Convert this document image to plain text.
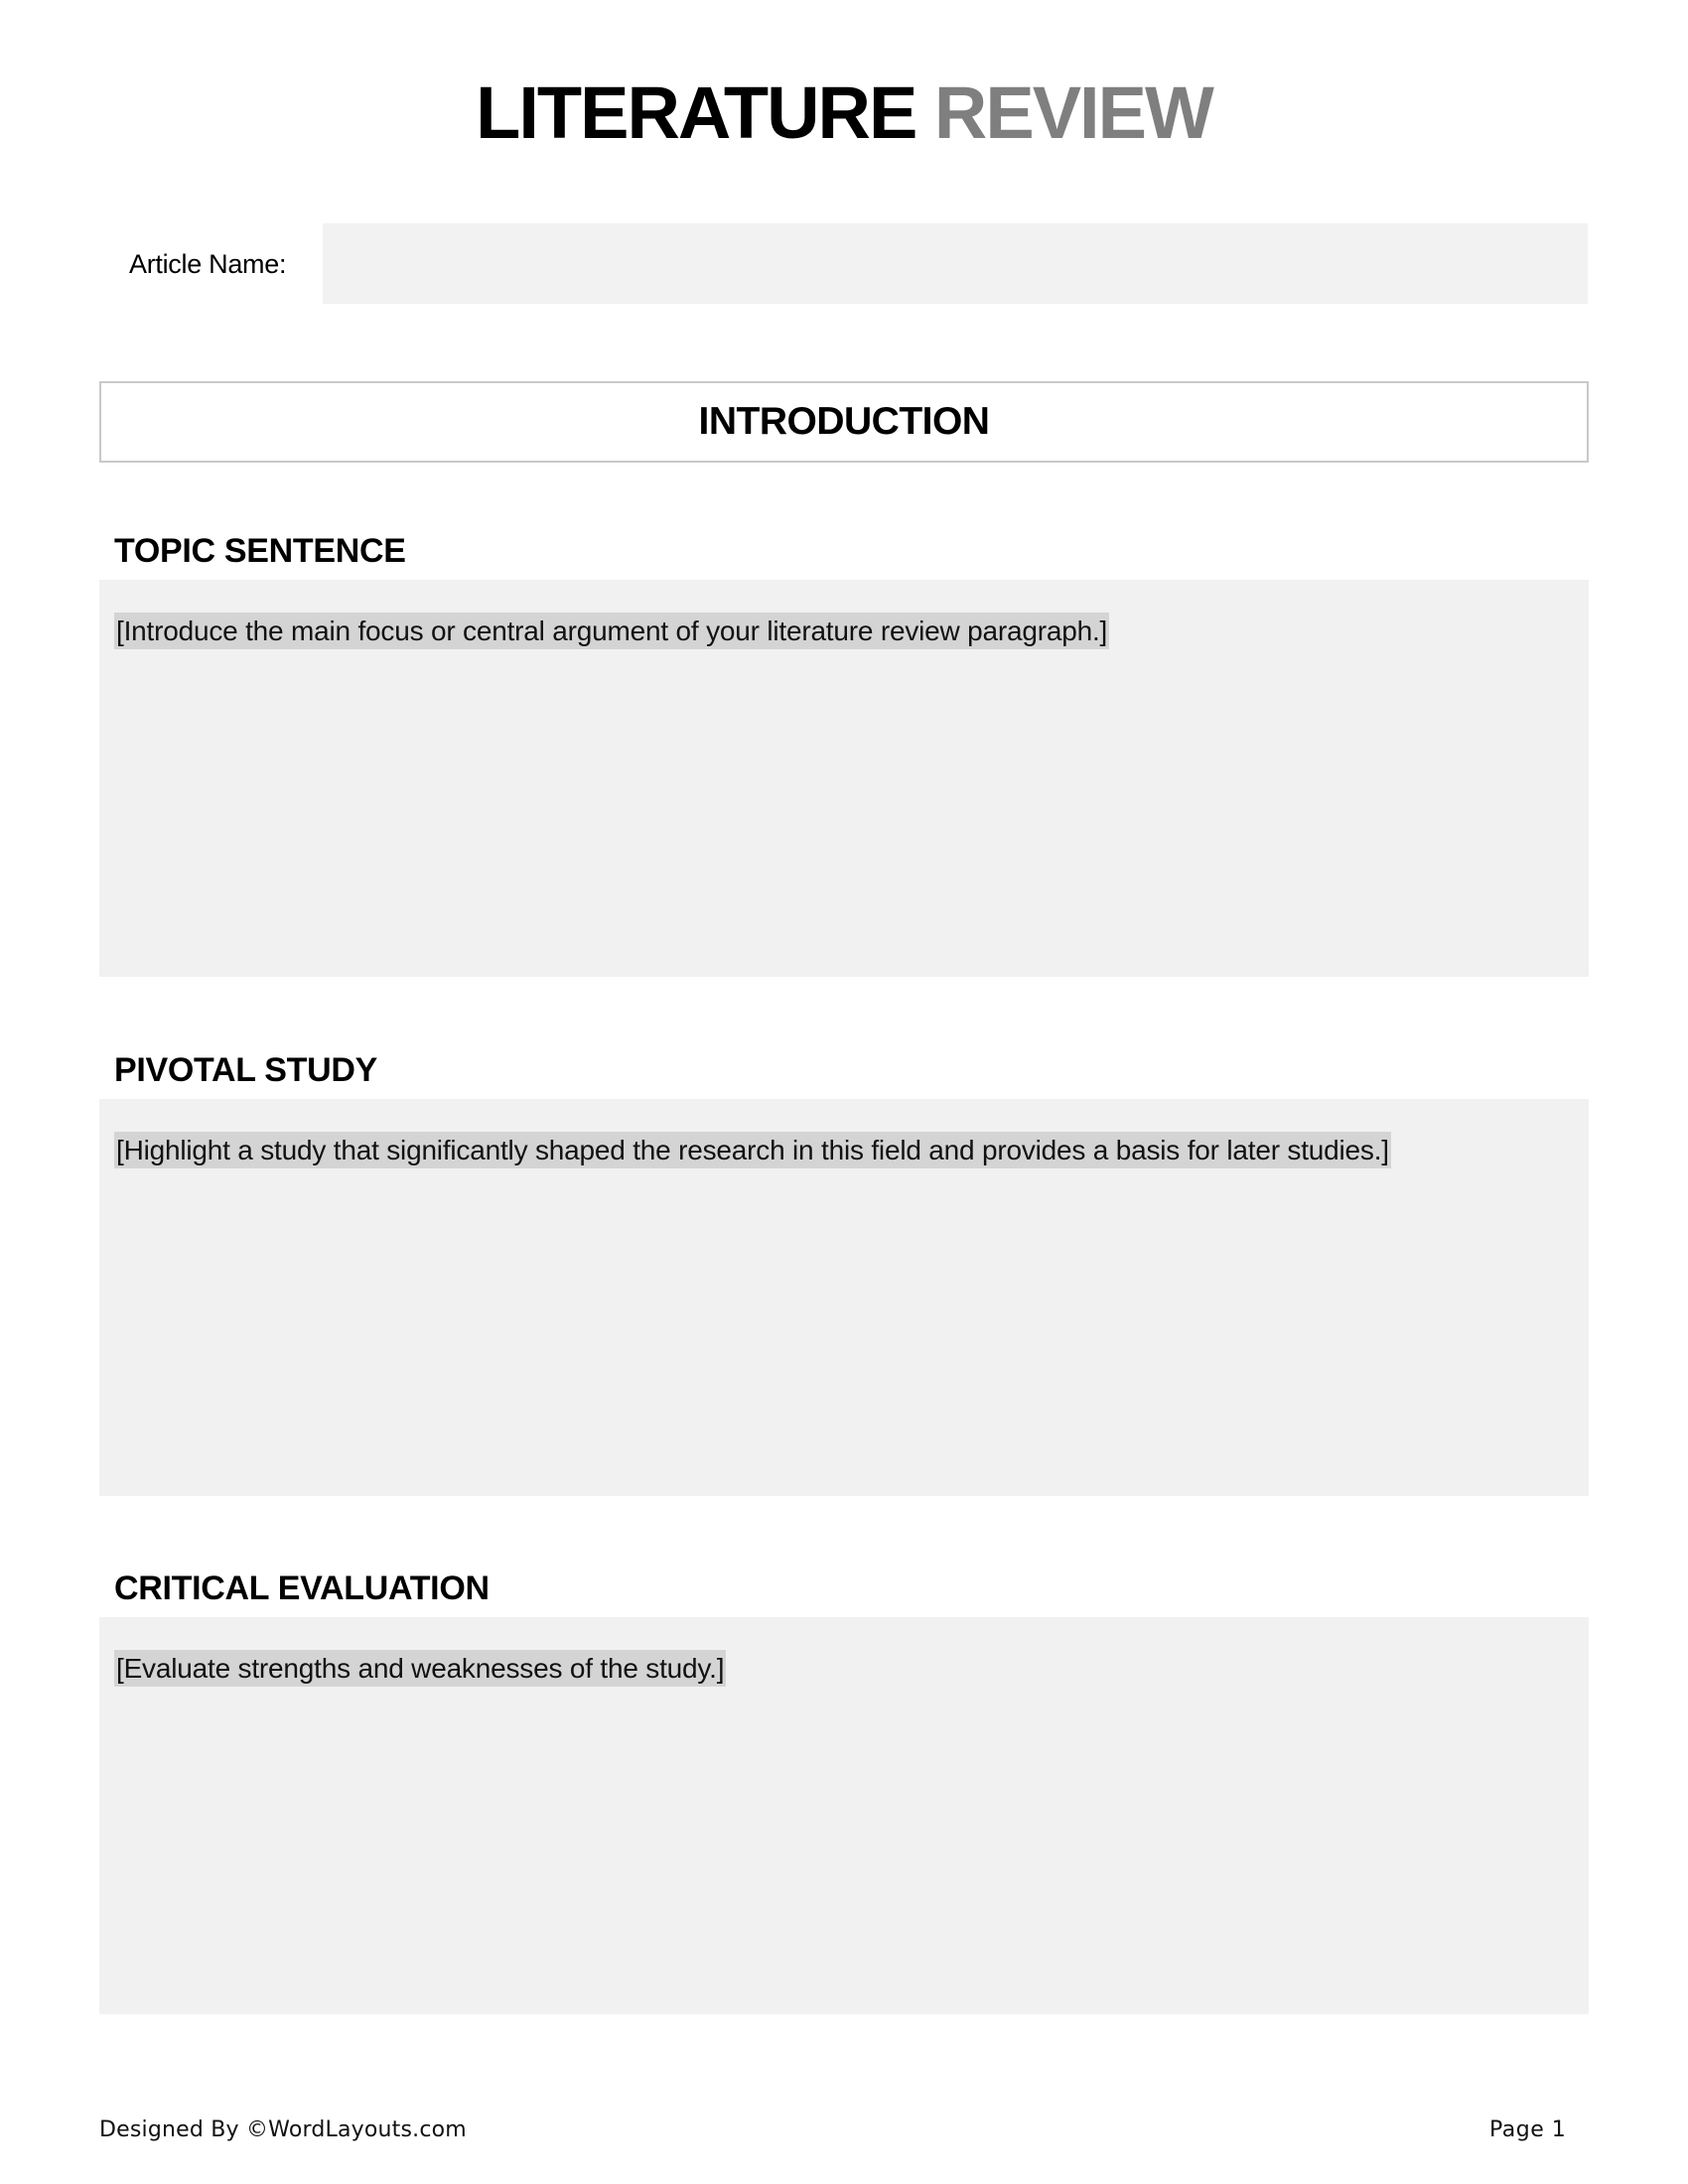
LITERATURE REVIEW
Article Name:
INTRODUCTION
TOPIC SENTENCE
[Introduce the main focus or central argument of your literature review paragraph.]
PIVOTAL STUDY
[Highlight a study that significantly shaped the research in this field and provides a basis for later studies.]
CRITICAL EVALUATION
[Evaluate strengths and weaknesses of the study.]
Designed By ©WordLayouts.com	Page 1
